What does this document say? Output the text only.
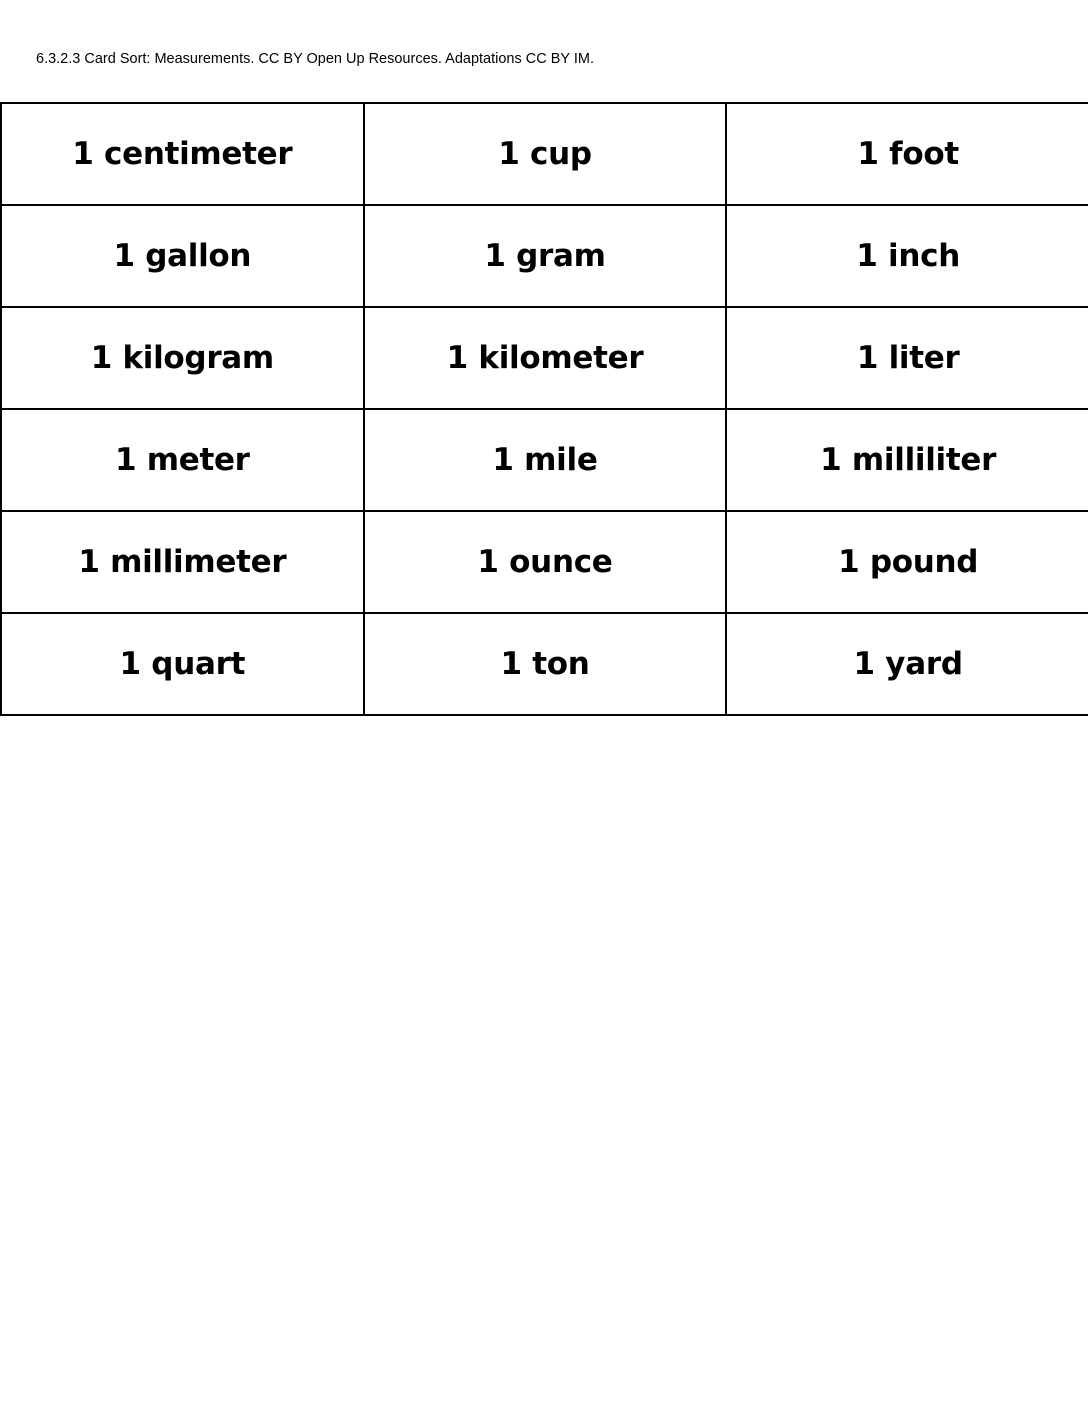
6.3.2.3 Card Sort: Measurements. CC BY Open Up Resources. Adaptations CC BY IM.
1 centimeter	1 cup	1 foot
1 gallon	1 gram	1 inch
1 kilogram	1 kilometer	1 liter
1 meter	1 mile	1 milliliter
1 millimeter	1 ounce	1 pound
1 quart	1 ton	1 yard
